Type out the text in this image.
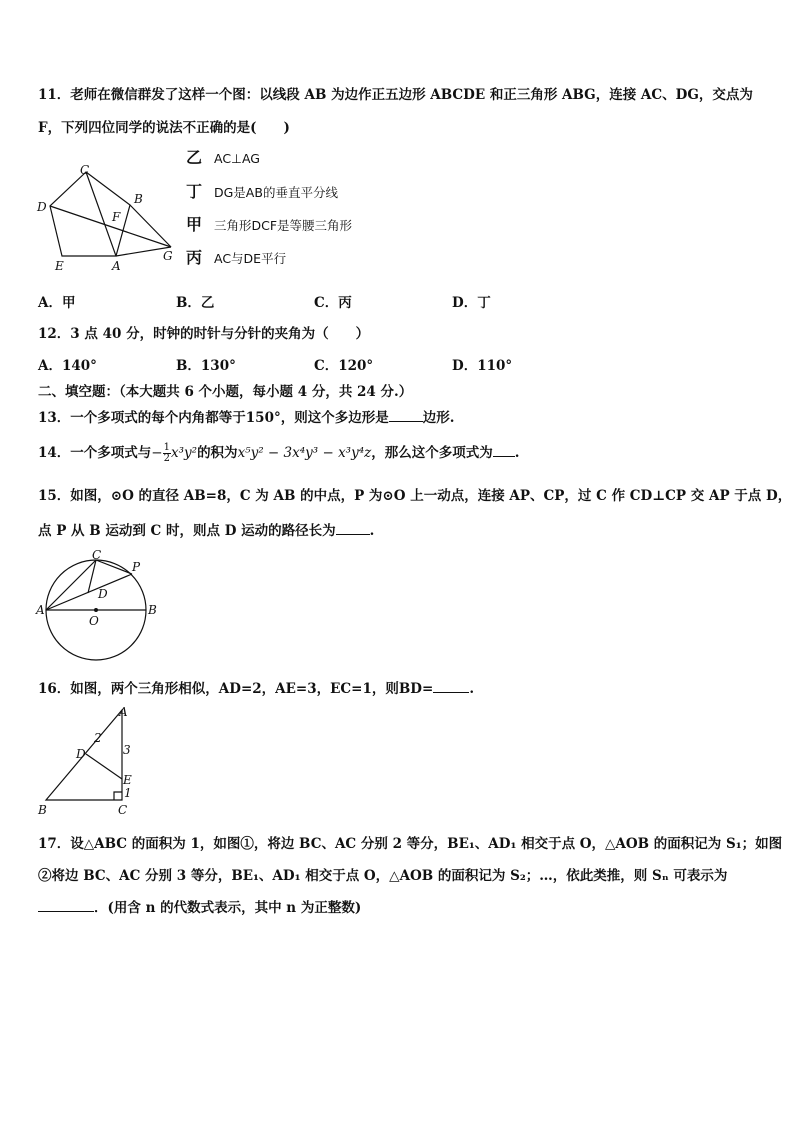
11．老师在微信群发了这样一个图：以线段 AB 为边作正五边形 ABCDE 和正三角形 ABG，连接 AC、DG，交点为
F，下列四位同学的说法不正确的是(　　)
C
B
D
F
E	A
G
乙 AC⊥AG
丁 DG是AB的垂直平分线
甲 三角形DCF是等腰三角形
丙 AC与DE平行
A．甲	B．乙	C．丙	D．丁
12．3 点 40 分，时钟的时针与分针的夹角为（　　）
A．140°	B．130°	C．120°	D．110°
二、填空题：（本大题共 6 个小题，每小题 4 分，共 24 分.）
13．一个多项式的每个内角都等于150°，则这个多边形是	边形.
14．一个多项式与− $\frac{1}{2} x^3y^2$的积为x⁵y² − 3x⁴y³ − x³y⁴z，那么这个多项式为 .
15．如图，⊙O 的直径 AB=8，C 为 AB 的中点，P 为⊙O 上一动点，连接 AP、CP，过 C 作 CD⊥CP 交 AP 于点 D，
点 P 从 B 运动到 C 时，则点 D 运动的路径长为	.
C
P
D
A
O
B
16．如图，两个三角形相似，AD=2，AE=3，EC=1，则BD=	.
A
D
2
3
E
1
B	C
17．设△ABC 的面积为 1，如图①，将边 BC、AC 分别 2 等分，BE₁、AD₁ 相交于点 O，△AOB 的面积记为 S₁；如图
②将边 BC、AC 分别 3 等分，BE₁、AD₁ 相交于点 O，△AOB 的面积记为 S₂；…，依此类推，则 Sₙ 可表示为
．(用含 n 的代数式表示，其中 n 为正整数)
